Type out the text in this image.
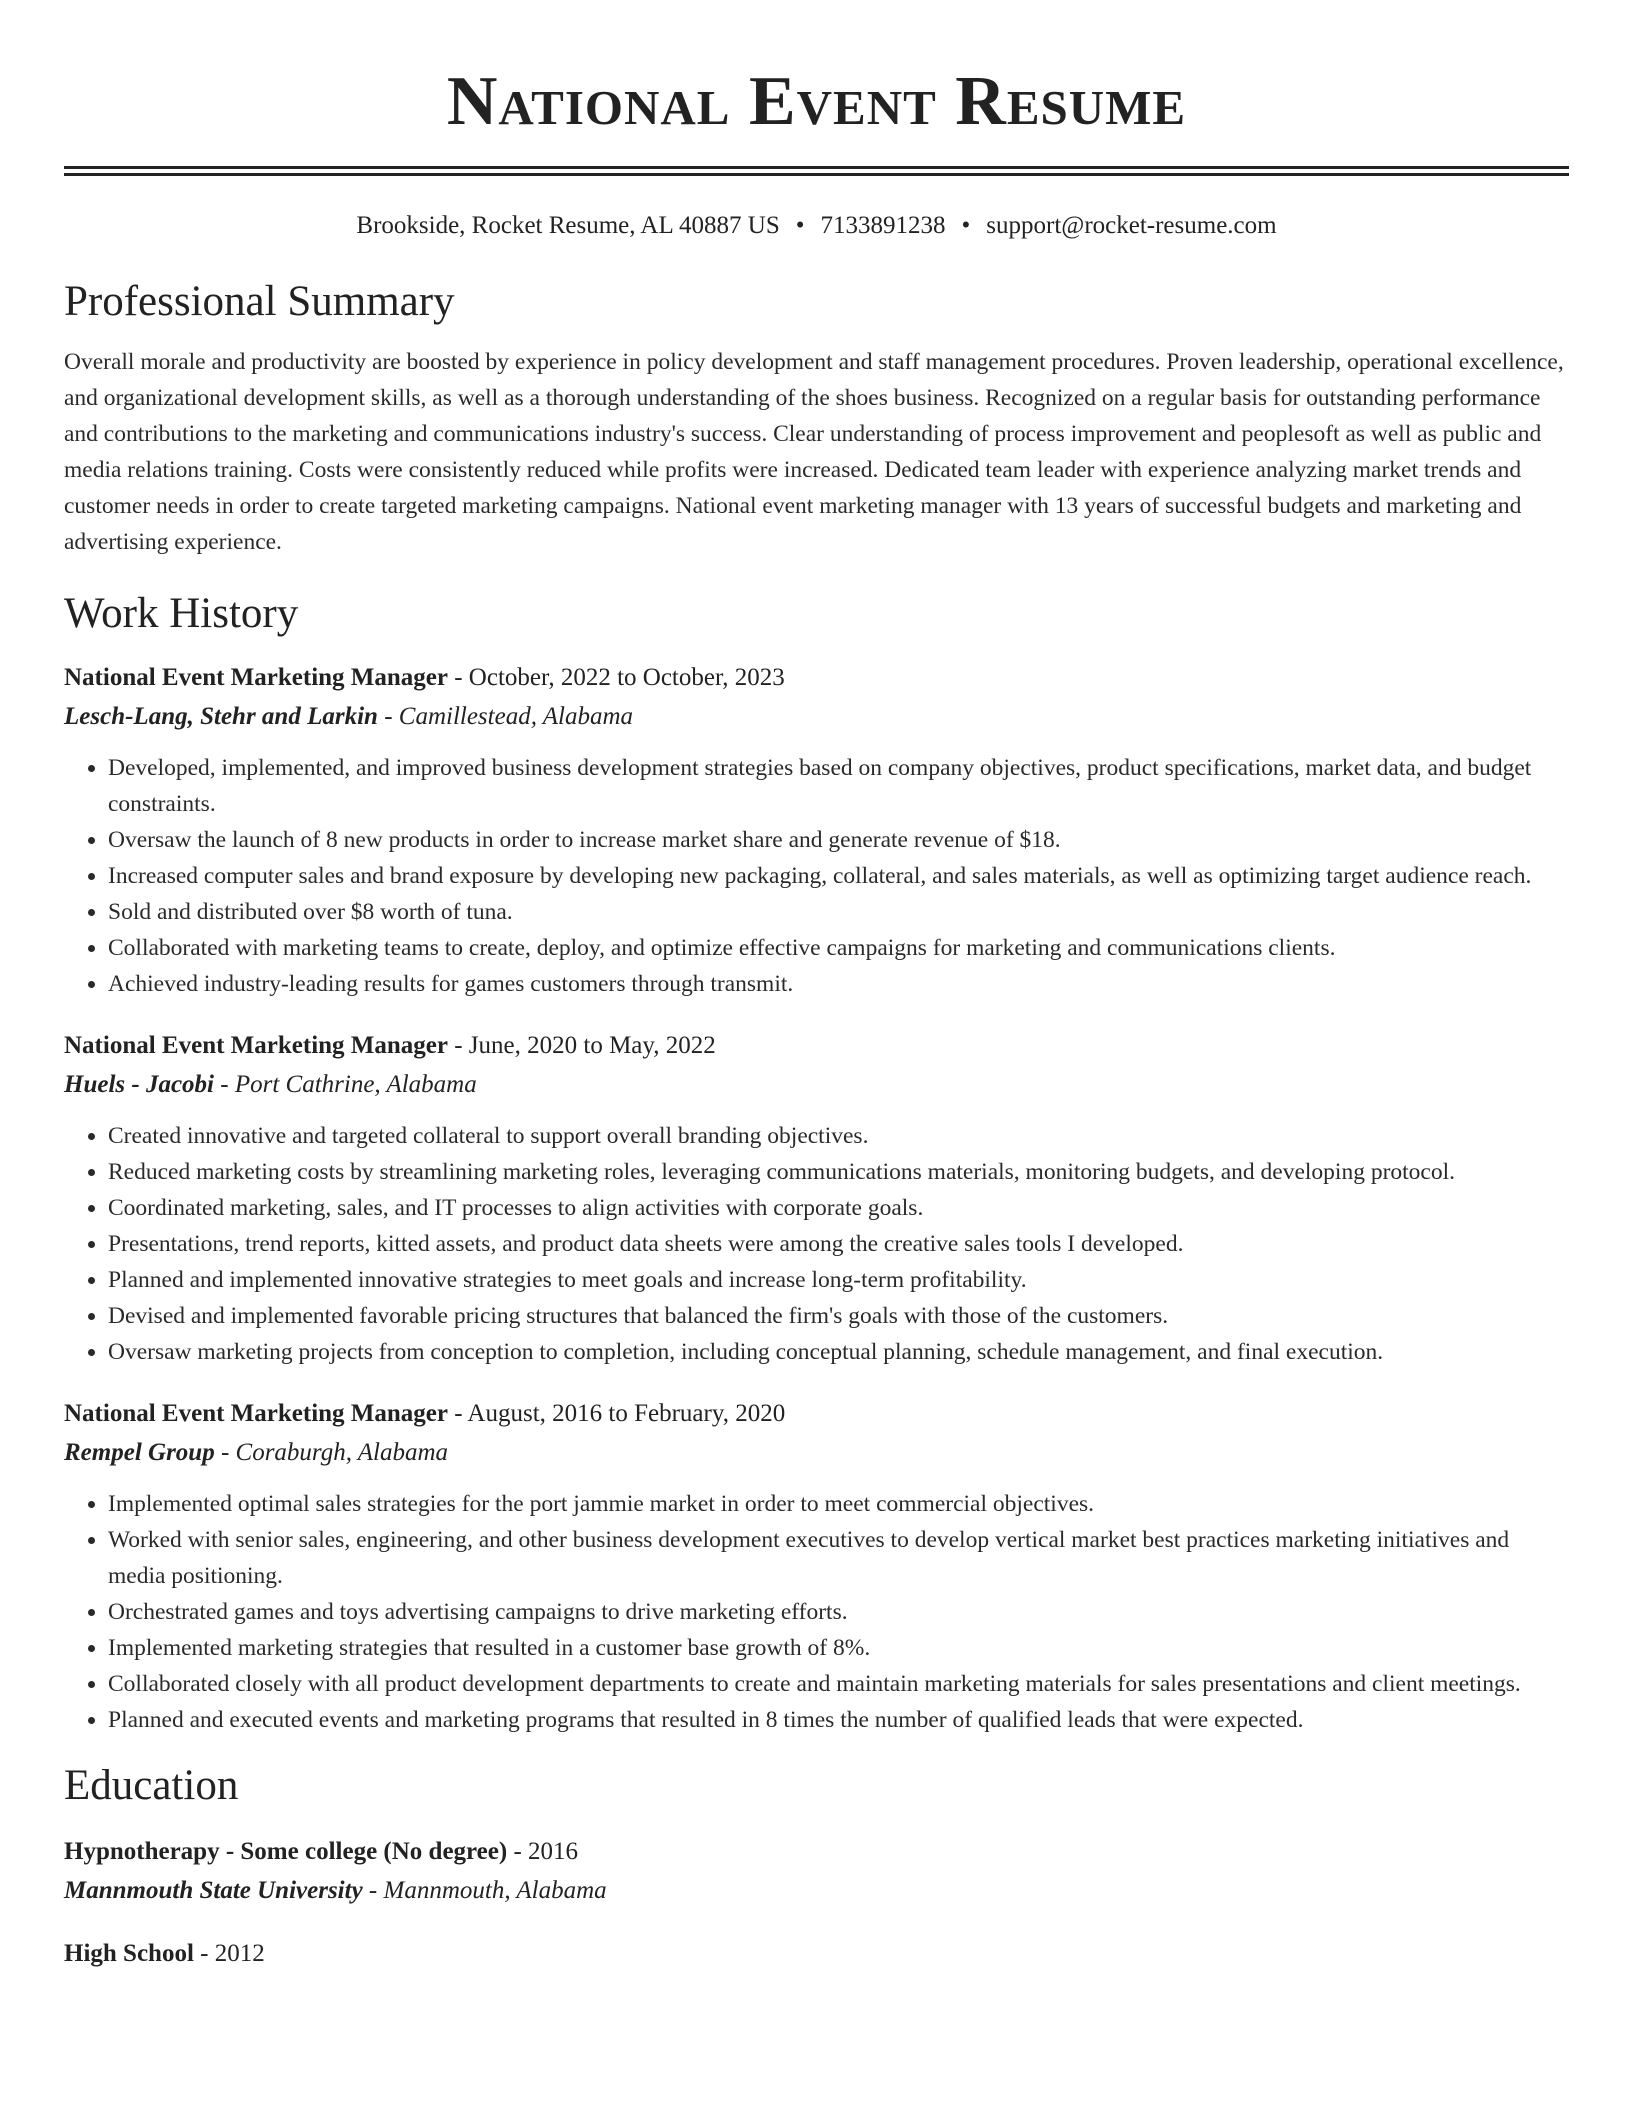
National Event Resume
Brookside, Rocket Resume, AL 40887 US • 7133891238 • support@rocket-resume.com
Professional Summary

Overall morale and productivity are boosted by experience in policy development and staff management procedures. Proven leadership, operational excellence, and organizational development skills, as well as a thorough understanding of the shoes business. Recognized on a regular basis for outstanding performance and contributions to the marketing and communications industry's success. Clear understanding of process improvement and peoplesoft as well as public and media relations training. Costs were consistently reduced while profits were increased. Dedicated team leader with experience analyzing market trends and customer needs in order to create targeted marketing campaigns. National event marketing manager with 13 years of successful budgets and marketing and advertising experience.

Work History
National Event Marketing Manager - October, 2022 to October, 2023
Lesch-Lang, Stehr and Larkin - Camillestead, Alabama
• Developed, implemented, and improved business development strategies based on company objectives, product specifications, market data, and budget constraints.
• Oversaw the launch of 8 new products in order to increase market share and generate revenue of $18.
• Increased computer sales and brand exposure by developing new packaging, collateral, and sales materials, as well as optimizing target audience reach.
• Sold and distributed over $8 worth of tuna.
• Collaborated with marketing teams to create, deploy, and optimize effective campaigns for marketing and communications clients.
• Achieved industry-leading results for games customers through transmit.
National Event Marketing Manager - June, 2020 to May, 2022
Huels - Jacobi - Port Cathrine, Alabama
• Created innovative and targeted collateral to support overall branding objectives.
• Reduced marketing costs by streamlining marketing roles, leveraging communications materials, monitoring budgets, and developing protocol.
• Coordinated marketing, sales, and IT processes to align activities with corporate goals.
• Presentations, trend reports, kitted assets, and product data sheets were among the creative sales tools I developed.
• Planned and implemented innovative strategies to meet goals and increase long-term profitability.
• Devised and implemented favorable pricing structures that balanced the firm's goals with those of the customers.
• Oversaw marketing projects from conception to completion, including conceptual planning, schedule management, and final execution.
National Event Marketing Manager - August, 2016 to February, 2020
Rempel Group - Coraburgh, Alabama
• Implemented optimal sales strategies for the port jammie market in order to meet commercial objectives.
• Worked with senior sales, engineering, and other business development executives to develop vertical market best practices marketing initiatives and media positioning.
• Orchestrated games and toys advertising campaigns to drive marketing efforts.
• Implemented marketing strategies that resulted in a customer base growth of 8%.
• Collaborated closely with all product development departments to create and maintain marketing materials for sales presentations and client meetings.
• Planned and executed events and marketing programs that resulted in 8 times the number of qualified leads that were expected.
Education
Hypnotherapy - Some college (No degree) - 2016
Mannmouth State University - Mannmouth, Alabama
High School - 2012
